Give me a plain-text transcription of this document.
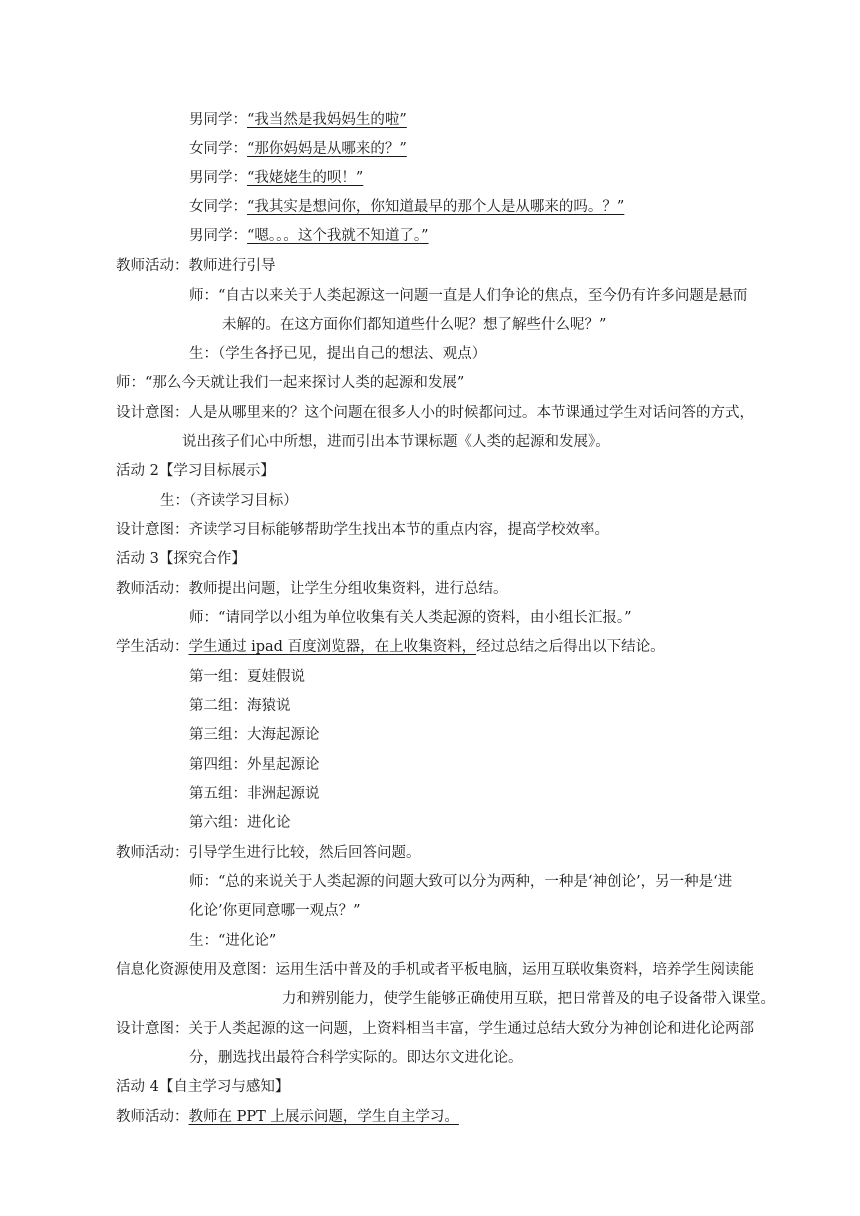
男同学：“我当然是我妈妈生的啦”
女同学：“那你妈妈是从哪来的？”
男同学：“我姥姥生的呗！”
女同学：“我其实是想问你，你知道最早的那个人是从哪来的吗。？”
男同学：“嗯。。。这个我就不知道了。”
教师活动：教师进行引导
师：“自古以来关于人类起源这一问题一直是人们争论的焦点，至今仍有许多问题是悬而
未解的。在这方面你们都知道些什么呢？想了解些什么呢？”
生：（学生各抒已见，提出自己的想法、观点）
师：“那么今天就让我们一起来探讨人类的起源和发展”
设计意图：人是从哪里来的？这个问题在很多人小的时候都问过。本节课通过学生对话问答的方式，
说出孩子们心中所想，进而引出本节课标题《人类的起源和发展》。
活动 2【学习目标展示】
生：（齐读学习目标）
设计意图：齐读学习目标能够帮助学生找出本节的重点内容，提高学校效率。
活动 3【探究合作】
教师活动：教师提出问题，让学生分组收集资料，进行总结。
师：“请同学以小组为单位收集有关人类起源的资料，由小组长汇报。”
学生活动：学生通过 ipad 百度浏览器，在上收集资料，经过总结之后得出以下结论。
第一组：夏娃假说
第二组：海猿说
第三组：大海起源论
第四组：外星起源论
第五组：非洲起源说
第六组：进化论
教师活动：引导学生进行比较，然后回答问题。
师：“总的来说关于人类起源的问题大致可以分为两种，一种是‘神创论’，另一种是‘进
化论’你更同意哪一观点？”
生：“进化论”
信息化资源使用及意图：运用生活中普及的手机或者平板电脑，运用互联收集资料，培养学生阅读能
力和辨别能力，使学生能够正确使用互联，把日常普及的电子设备带入课堂。
设计意图：关于人类起源的这一问题，上资料相当丰富，学生通过总结大致分为神创论和进化论两部
分，删选找出最符合科学实际的。即达尔文进化论。
活动 4【自主学习与感知】
教师活动：教师在 PPT 上展示问题，学生自主学习。
